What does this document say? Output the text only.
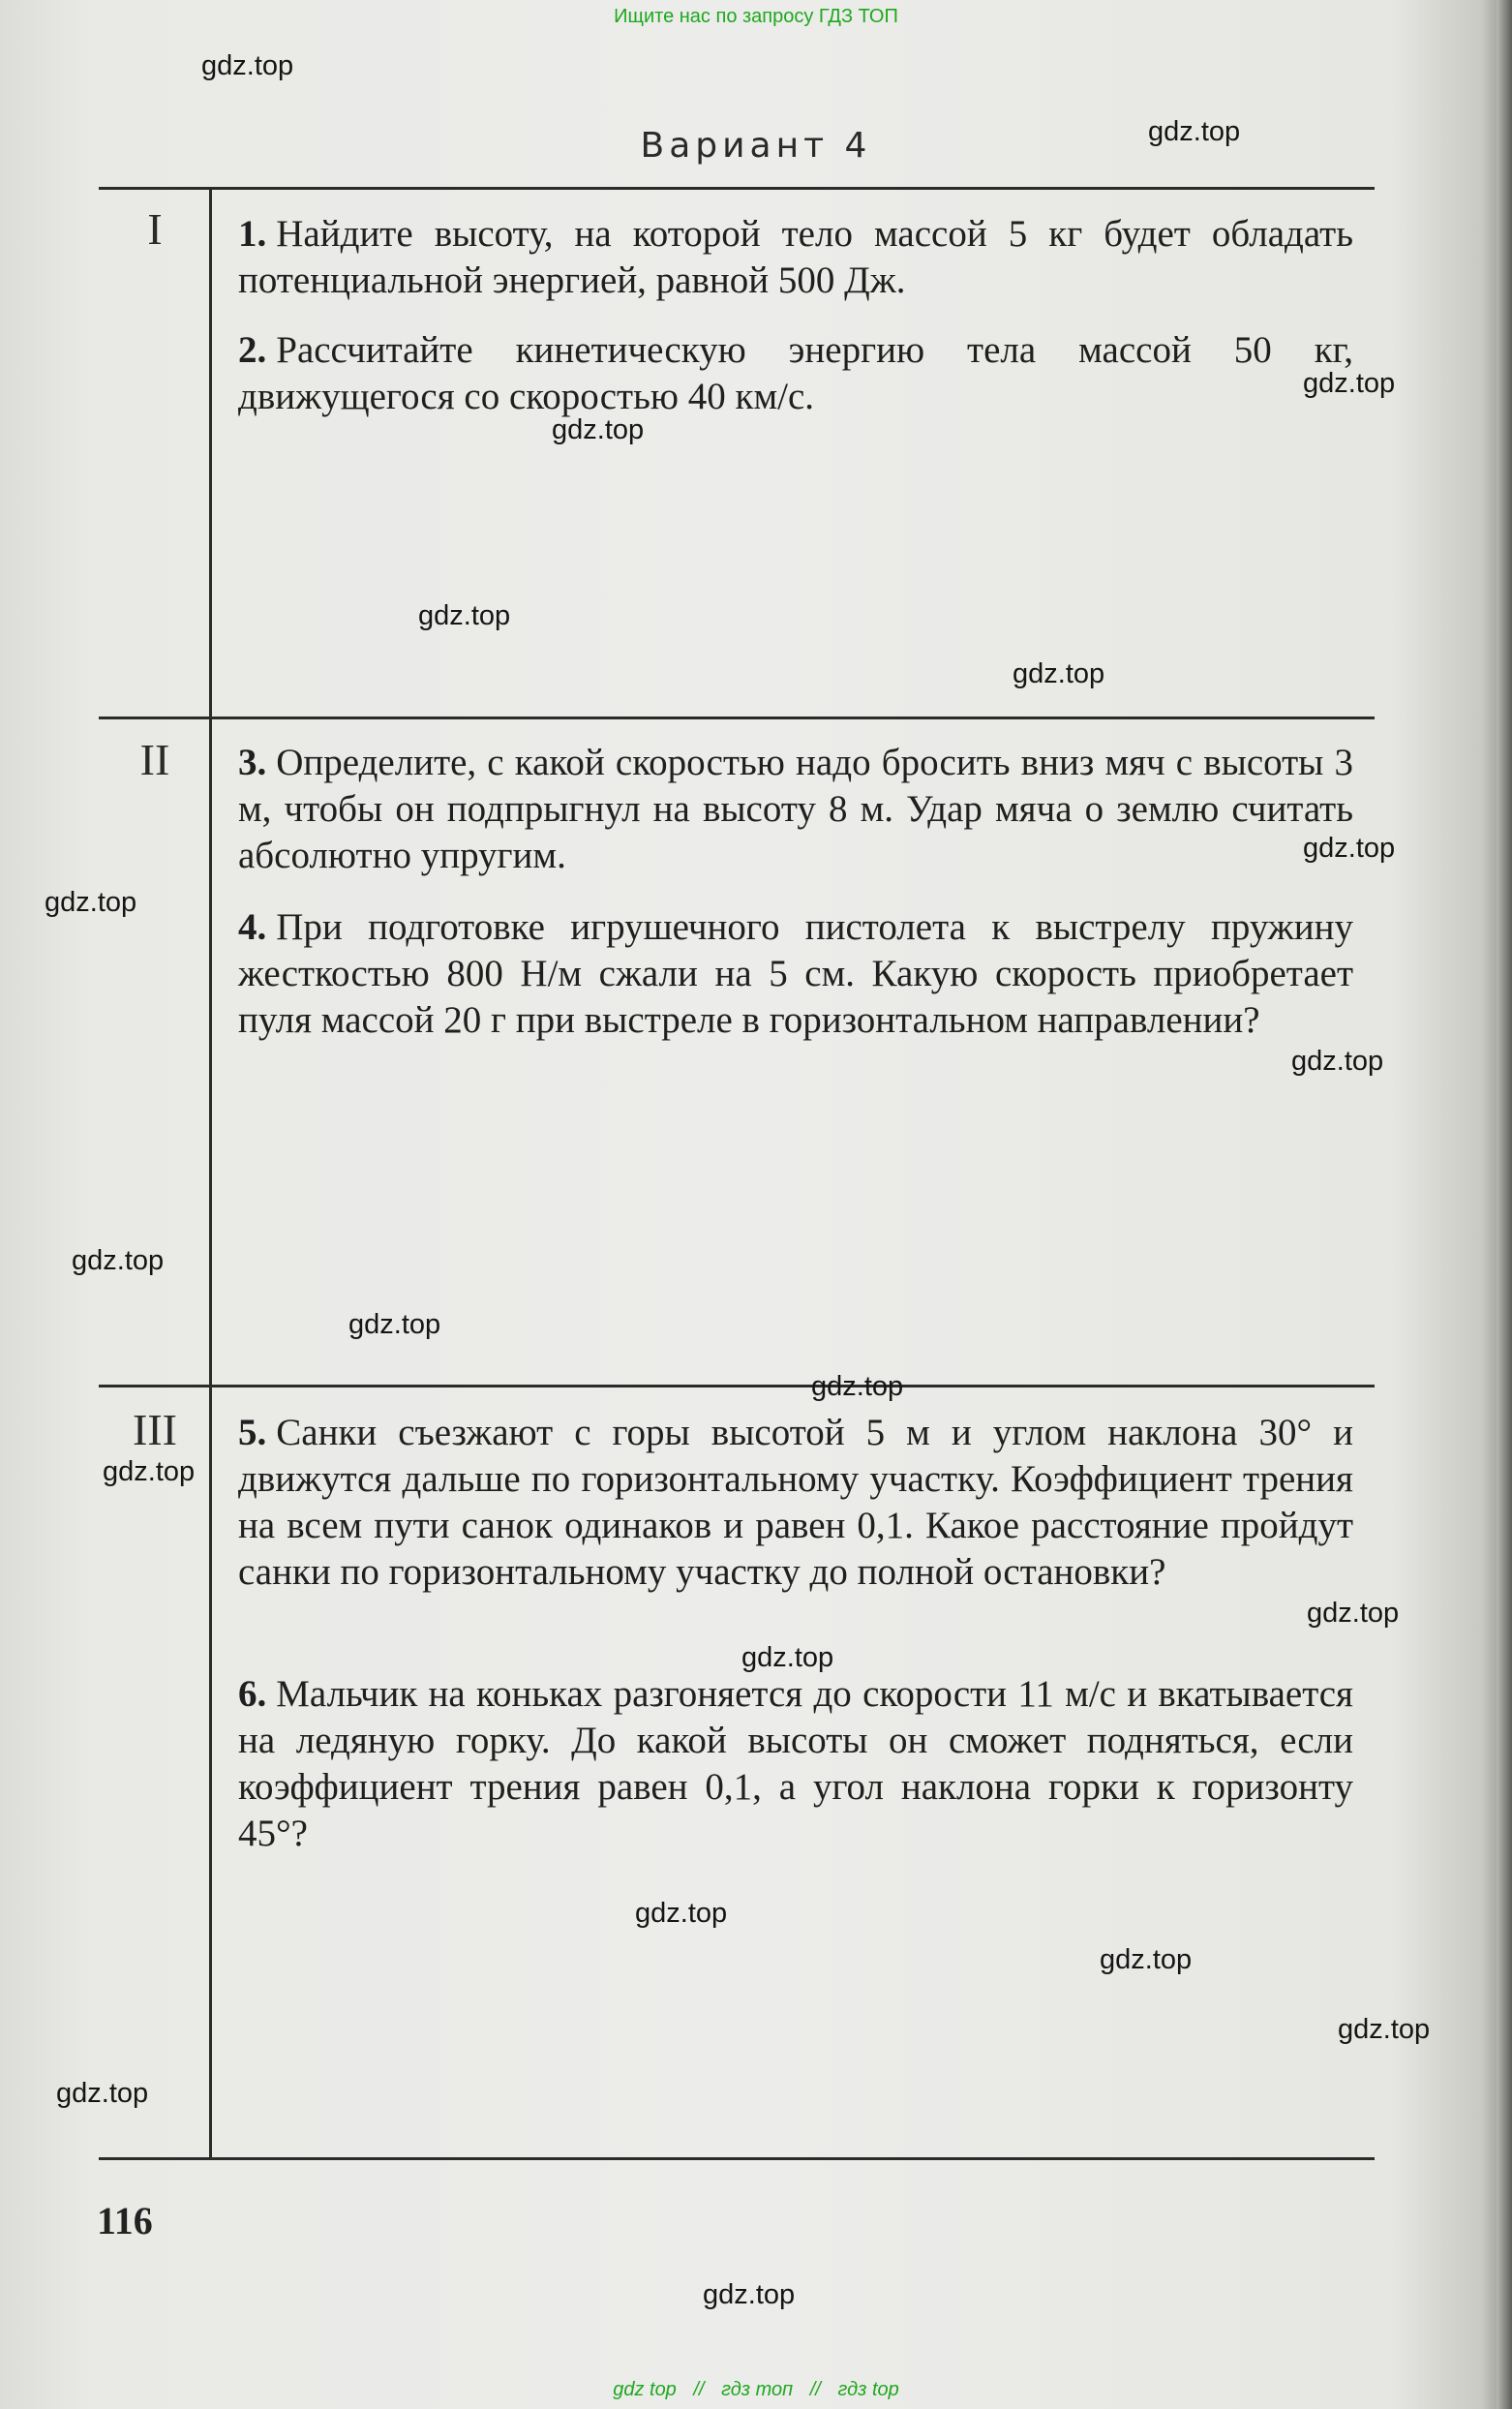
Ищите нас по запросу ГДЗ ТОП
Вариант 4
I
II
III
1. Найдите высоту, на которой тело массой 5 кг будет обладать потенциальной энергией, равной 500 Дж.
2. Рассчитайте кинетическую энергию тела массой 50 кг, движущегося со скоростью 40 км/с.
3. Определите, с какой скоростью надо бросить вниз мяч с высоты 3 м, чтобы он подпрыгнул на высоту 8 м. Удар мяча о землю считать абсолютно упругим.
4. При подготовке игрушечного пистолета к выстрелу пружину жесткостью 800 Н/м сжали на 5 см. Какую скорость приобретает пуля массой 20 г при выстреле в горизонтальном направлении?
5. Санки съезжают с горы высотой 5 м и углом наклона 30° и движутся дальше по горизонтальному участку. Коэффициент трения на всем пути санок одинаков и равен 0,1. Какое расстояние пройдут санки по горизонтальному участку до полной остановки?
6. Мальчик на коньках разгоняется до скорости 11 м/с и вкатывается на ледяную горку. До какой высоты он сможет подняться, если коэффициент трения равен 0,1, а угол наклона горки к горизонту 45°?
116
gdz.top
gdz.top
gdz.top
gdz.top
gdz.top
gdz.top
gdz.top
gdz.top
gdz.top
gdz.top
gdz.top
gdz.top
gdz.top
gdz.top
gdz.top
gdz.top
gdz.top
gdz.top
gdz.top
gdz.top
gdz top // гдз топ // гдз top
